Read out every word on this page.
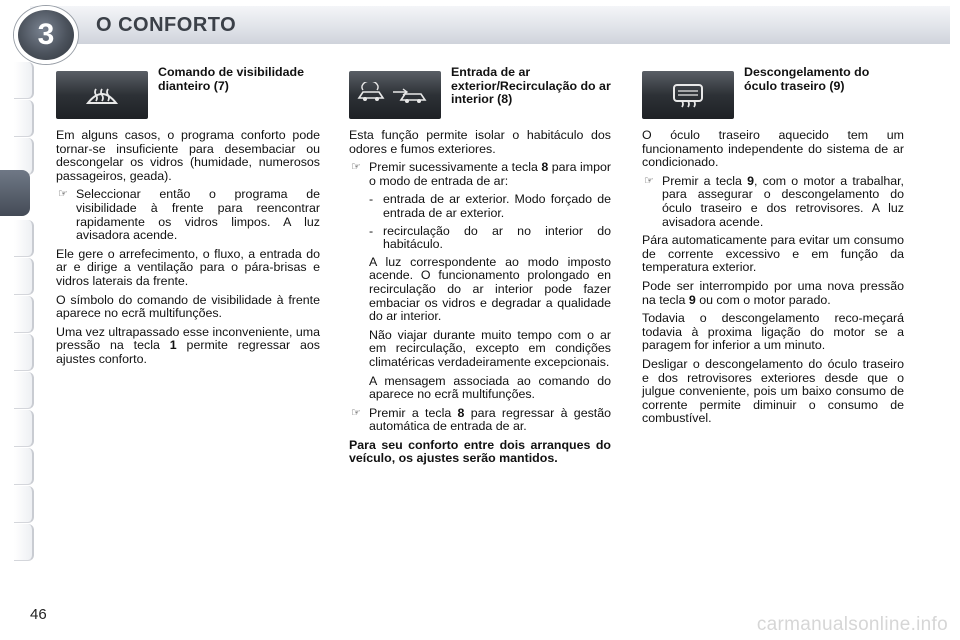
3	O CONFORTO
Comando de visibilidade dianteiro (7)

Em alguns casos, o programa conforto pode tornar-se insuficiente para desembaciar ou descongelar os vidros (humidade, numerosos passageiros, geada).

☞ Seleccionar então o programa de visibilidade à frente para reencontrar rapidamente os vidros limpos. A luz avisadora acende.

Ele gere o arrefecimento, o fluxo, a entrada do ar e dirige a ventilação para o pára-brisas e vidros laterais da frente.

O símbolo do comando de visibilidade à frente aparece no ecrã multifunções.

Uma vez ultrapassado esse inconveniente, uma pressão na tecla 1 permite regressar aos ajustes conforto.

Entrada de ar exterior/Recirculação do ar interior (8)

Esta função permite isolar o habitáculo dos odores e fumos exteriores.

☞ Premir sucessivamente a tecla 8 para impor o modo de entrada de ar:
- entrada de ar exterior. Modo forçado de entrada de ar exterior.
- recirculação do ar no interior do habitáculo.

A luz correspondente ao modo imposto acende. O funcionamento prolongado en recirculação do ar interior pode fazer embaciar os vidros e degradar a qualidade do ar interior.

Não viajar durante muito tempo com o ar em recirculação, excepto em condições climatéricas verdadeiramente excepcionais.

A mensagem associada ao comando do aparece no ecrã multifunções.

☞ Premir a tecla 8 para regressar à gestão automática de entrada de ar.

Para seu conforto entre dois arranques do veículo, os ajustes serão mantidos.

Descongelamento do óculo traseiro (9)

O óculo traseiro aquecido tem um funcionamento independente do sistema de ar condicionado.

☞ Premir a tecla 9, com o motor a trabalhar, para assegurar o descongelamento do óculo traseiro e dos retrovisores. A luz avisadora acende.

Pára automaticamente para evitar um consumo de corrente excessivo e em função da temperatura exterior.

Pode ser interrompido por uma nova pressão na tecla 9 ou com o motor parado.

Todavia o descongelamento reco-meçará todavia à proxima ligação do motor se a paragem for inferior a um minuto.

Desligar o descongelamento do óculo traseiro e dos retrovisores exteriores desde que o julgue conveniente, pois um baixo consumo de corrente permite diminuir o consumo de combustível.

46	carmanualsonline.info
